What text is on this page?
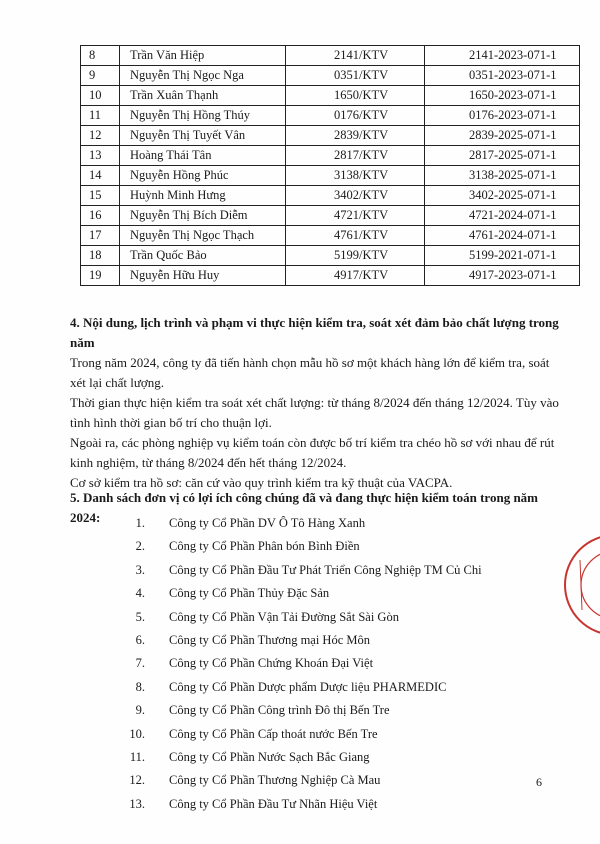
8	Trần Văn Hiệp	2141/KTV	2141-2023-071-1
9	Nguyễn Thị Ngọc Nga	0351/KTV	0351-2023-071-1
10	Trần Xuân Thạnh	1650/KTV	1650-2023-071-1
11	Nguyễn Thị Hồng Thúy	0176/KTV	0176-2023-071-1
12	Nguyễn Thị Tuyết Vân	2839/KTV	2839-2025-071-1
13	Hoàng Thái Tân	2817/KTV	2817-2025-071-1
14	Nguyễn Hồng Phúc	3138/KTV	3138-2025-071-1
15	Huỳnh Minh Hưng	3402/KTV	3402-2025-071-1
16	Nguyễn Thị Bích Diễm	4721/KTV	4721-2024-071-1
17	Nguyễn Thị Ngọc Thạch	4761/KTV	4761-2024-071-1
18	Trần Quốc Bảo	5199/KTV	5199-2021-071-1
19	Nguyễn Hữu Huy	4917/KTV	4917-2023-071-1
4. Nội dung, lịch trình và phạm vi thực hiện kiểm tra, soát xét đảm bảo chất lượng trong năm

Trong năm 2024, công ty đã tiến hành chọn mẫu hồ sơ một khách hàng lớn để kiểm tra, soát xét lại chất lượng.

Thời gian thực hiện kiểm tra soát xét chất lượng: từ tháng 8/2024 đến tháng 12/2024. Tùy vào tình hình thời gian bố trí cho thuận lợi.

Ngoài ra, các phòng nghiệp vụ kiểm toán còn được bố trí kiểm tra chéo hồ sơ với nhau để rút kinh nghiệm, từ tháng 8/2024 đến hết tháng 12/2024.

Cơ sở kiểm tra hồ sơ: căn cứ vào quy trình kiểm tra kỹ thuật của VACPA.

5. Danh sách đơn vị có lợi ích công chúng đã và đang thực hiện kiểm toán trong năm 2024:	1. Công ty Cổ Phần DV Ô Tô Hàng Xanh
2. Công ty Cổ Phần Phân bón Bình Điền
3. Công ty Cổ Phần Đầu Tư Phát Triển Công Nghiệp TM Củ Chi
4. Công ty Cổ Phần Thủy Đặc Sản
5. Công ty Cổ Phần Vận Tải Đường Sắt Sài Gòn
6. Công ty Cổ Phần Thương mại Hóc Môn
7. Công ty Cổ Phần Chứng Khoán Đại Việt
8. Công ty Cổ Phần Dược phẩm Dược liệu PHARMEDIC
9. Công ty Cổ Phần Công trình Đô thị Bến Tre
10. Công ty Cổ Phần Cấp thoát nước Bến Tre
11. Công ty Cổ Phần Nước Sạch Bắc Giang
12. Công ty Cổ Phần Thương Nghiệp Cà Mau
13. Công ty Cổ Phần Đầu Tư Nhãn Hiệu Việt
6
